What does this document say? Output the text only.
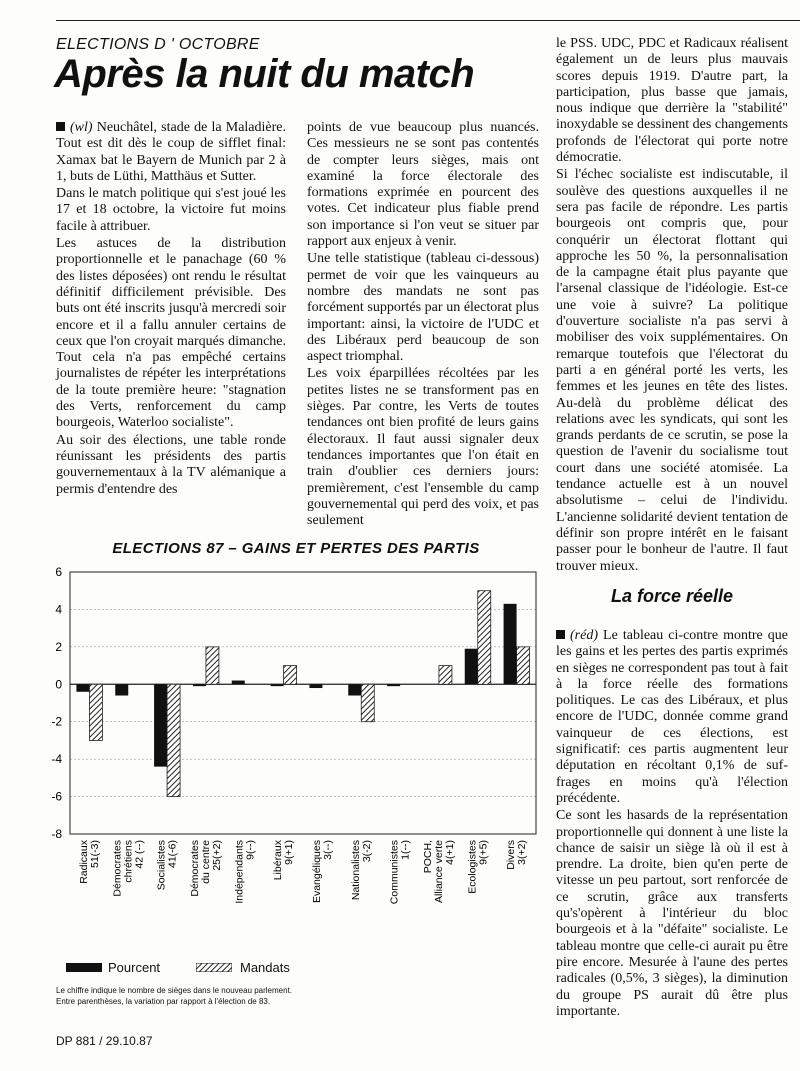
ELECTIONS D ' OCTOBRE
Après la nuit du match

(wl) Neuchâtel, stade de la Maladière. Tout est dit dès le coup de sifflet final: Xamax bat le Bayern de Munich par 2 à 1, buts de Lüthi, Matthäus et Sutter.

Dans le match politique qui s'est joué les 17 et 18 octobre, la victoire fut moins facile à attribuer.

Les astuces de la distribution proportionnelle et le panachage (60 % des listes déposées) ont rendu le résultat définitif difficilement prévisible. Des buts ont été inscrits jusqu'à mercredi soir encore et il a fallu annuler certains de ceux que l'on croyait marqués dimanche. Tout cela n'a pas empêché certains journalistes de répéter les interprétations de la toute première heure: "stagnation des Verts, renforcement du camp bourgeois, Waterloo socialiste".

Au soir des élections, une table ronde réunissant les présidents des partis gouvernementaux à la TV alémanique a permis d'entendre des

points de vue beaucoup plus nuancés. Ces messieurs ne se sont pas contentés de compter leurs sièges, mais ont examiné la force électorale des formations exprimée en pourcent des votes. Cet indicateur plus fiable prend son importance si l'on veut se situer par rapport aux enjeux à venir.

Une telle statistique (tableau ci-dessous) permet de voir que les vainqueurs au nombre des mandats ne sont pas forcément supportés par un électorat plus important: ainsi, la victoire de l'UDC et des Libéraux perd beaucoup de son aspect triomphal.

Les voix éparpillées récoltées par les petites listes ne se transforment pas en sièges. Par contre, les Verts de toutes tendances ont bien profité de leurs gains électoraux. Il faut aussi signaler deux tendances importantes que l'on était en train d'oublier ces derniers jours: premièrement, c'est l'ensemble du camp gouvernemental qui perd des voix, et pas seulement

le PSS. UDC, PDC et Radicaux réalisent également un de leurs plus mauvais scores depuis 1919. D'autre part, la participation, plus basse que jamais, nous indique que derrière la "stabilité" inoxydable se dessinent des changements profonds de l'électorat qui porte notre démocratie.

Si l'échec socialiste est indiscutable, il soulève des questions auxquelles il ne sera pas facile de répondre. Les partis bourgeois ont compris que, pour conquérir un électorat flottant qui approche les 50 %, la personnalisation de la campagne était plus payante que l'arsenal classique de l'idéologie. Est-ce une voie à suivre? La politique d'ouverture socialiste n'a pas servi à mobiliser des voix supplémentaires. On remarque toutefois que l'électorat du parti a en général porté les verts, les femmes et les jeunes en tête des listes. Au-delà du problème délicat des relations avec les syndicats, qui sont les grands perdants de ce scrutin, se pose la question de l'avenir du socialisme tout court dans une société atomisée. La tendance actuelle est à un nouvel absolutisme – celui de l'individu. L'ancienne solidarité devient tentation de définir son propre intérêt en le faisant passer pour le bonheur de l'autre. Il faut trouver mieux.

La force réelle

(réd) Le tableau ci-contre montre que les gains et les pertes des partis exprimés en sièges ne correspondent pas tout à fait à la force réelle des formations politiques. Le cas des Libéraux, et plus encore de l'UDC, donnée comme grand vainqueur de ces élections, est significatif: ces partis augmentent leur députation en récoltant 0,1% de suf-frages en moins qu'à l'élection précédente.

Ce sont les hasards de la représentation proportionnelle qui donnent à une liste la chance de saisir un siège là où il est à prendre. La droite, bien qu'en perte de vitesse un peu partout, sort renforcée de ce scrutin, grâce aux transferts qu's'opèrent à l'intérieur du bloc bourgeois et à la "défaite" socialiste. Le tableau montre que celle-ci aurait pu être pire encore. Mesurée à l'aune des pertes radicales (0,5%, 3 sièges), la diminution du groupe PS aurait dû être plus importante.

ELECTIONS 87 – GAINS ET PERTES DES PARTIS
6
4
2
0
-2
-4
-6
-8
Radicaux 51(-3) Démocrates chrétiens 42 (--) Socialistes
41(-6) Démocrates du centre 25(+2) Indépendants 9(--) Libéraux 9(+1) Evangéliques 3(--) Nationalistes 3(-2) Communistes 1(--) POCH, Alliance verte 4(+1) Ecologistes 9(+5) Divers 3(+2)
Pourcent	Mandats
Le chiffre indique le nombre de sièges dans le nouveau parlement.
Entre parenthèses, la variation par rapport à l'élection de 83.
DP 881 / 29.10.87
